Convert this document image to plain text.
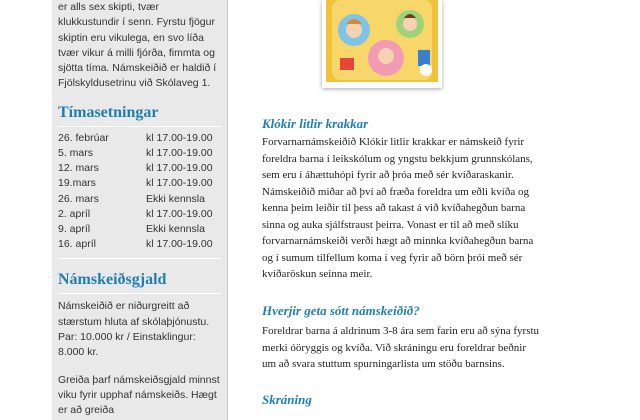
er alls sex skipti, tvær
klukkustundir í senn. Fyrstu fjögur
skiptin eru vikulega, en svo líða
tvær vikur á milli fjórða, fimmta og
sjötta tíma. Námskeiðið er haldið í
Fjölskyldusetrinu við Skólaveg 1.
Tímasetningar
26. febrúar	kl 17.00-19.00
5. mars	kl 17.00-19.00
12. mars	kl 17.00-19.00
19.mars	kl 17.00-19.00
26. mars	Ekki kennsla
2. apríl	kl 17.00-19.00
9. apríl	Ekki kennsla
16. apríl	kl 17.00-19.00
Námskeiðsgjald

Námskeiðið er niðurgreitt að stærstum hluta af skólaþjónustu. Par: 10.000 kr / Einstaklingur: 8.000 kr.

Greiða þarf námskeiðsgjald minnst viku fyrir upphaf námskeiðs. Hægt er að greiða

Klókir litlir krakkar
Forvarnarnámskeiðið Klókir litlir krakkar er námskeið fyrir
foreldra barna í leikskólum og yngstu bekkjum grunnskólans,
sem eru í áhættuhópi fyrir að þróa með sér kvíðaraskanir.
Námskeiðið miðar að því að fræða foreldra um eðli kvíða og
kenna þeim leiðir til þess að takast á við kvíðahegðun barna
sinna og auka sjálfstraust þeirra. Vonast er til að með slíku
forvarnarnámskeiði verði hægt að minnka kvíðahegðun barna
og í sumum tilfellum koma í veg fyrir að börn þrói með sér
kvíðaröskun seinna meir.
Hverjir geta sótt námskeiðið?
Foreldrar barna á aldrinum 3-8 ára sem farin eru að sýna fyrstu
merki óöryggis og kvíða. Við skráningu eru foreldrar beðnir
um að svara stuttum spurningarlista um stöðu barnsins.
Skráning
